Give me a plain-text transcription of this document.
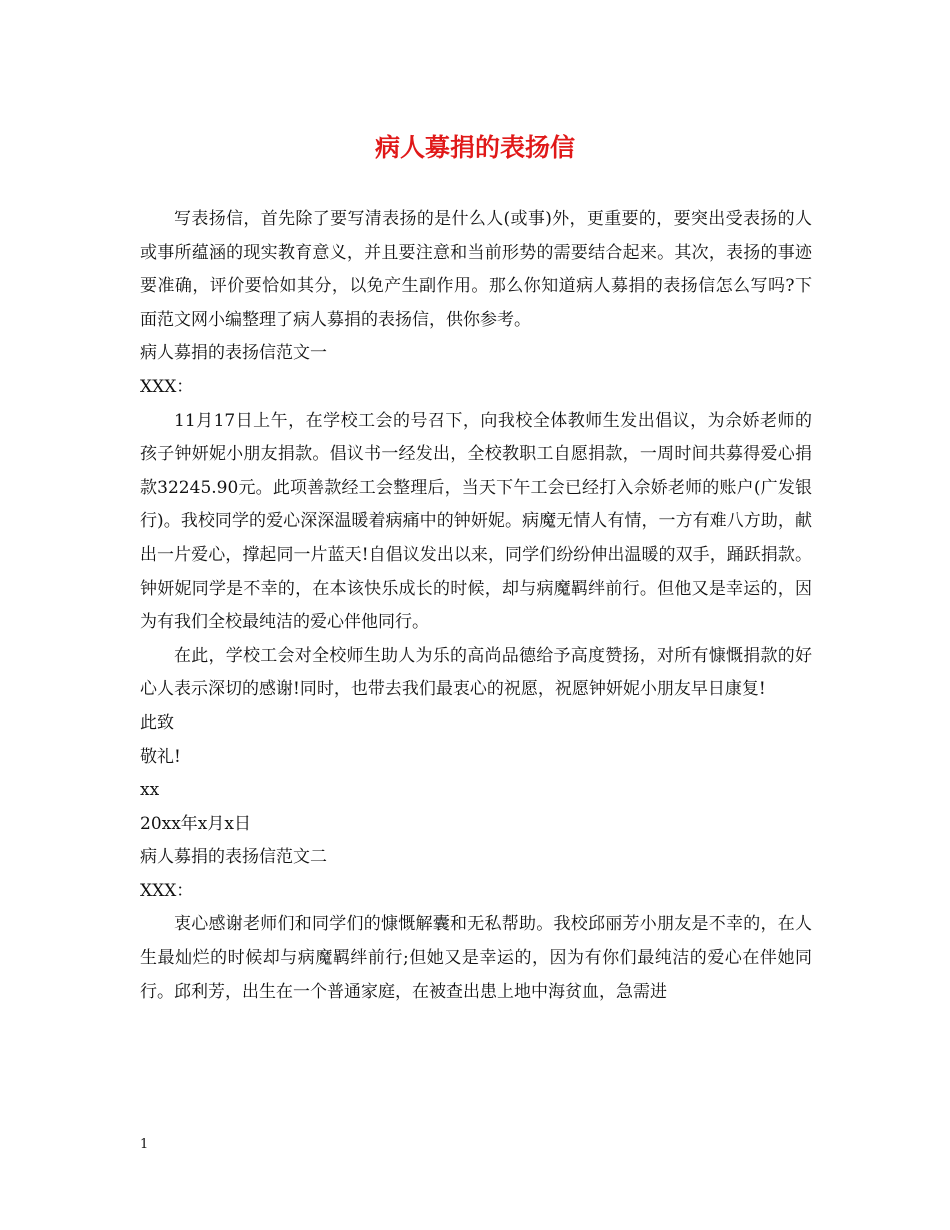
病人募捐的表扬信

写表扬信，首先除了要写清表扬的是什么人(或事)外，更重要的，要突出受表扬的人或事所蕴涵的现实教育意义，并且要注意和当前形势的需要结合起来。其次，表扬的事迹要准确，评价要恰如其分，以免产生副作用。那么你知道病人募捐的表扬信怎么写吗?下面范文网小编整理了病人募捐的表扬信，供你参考。

病人募捐的表扬信范文一

XXX：

11月17日上午，在学校工会的号召下，向我校全体教师生发出倡议，为佘娇老师的孩子钟妍妮小朋友捐款。倡议书一经发出，全校教职工自愿捐款，一周时间共募得爱心捐款32245.90元。此项善款经工会整理后，当天下午工会已经打入佘娇老师的账户(广发银行)。我校同学的爱心深深温暖着病痛中的钟妍妮。病魔无情人有情，一方有难八方助，献出一片爱心，撑起同一片蓝天!自倡议发出以来，同学们纷纷伸出温暖的双手，踊跃捐款。 钟妍妮同学是不幸的，在本该快乐成长的时候，却与病魔羁绊前行。但他又是幸运的，因为有我们全校最纯洁的爱心伴他同行。

在此，学校工会对全校师生助人为乐的高尚品德给予高度赞扬，对所有慷慨捐款的好心人表示深切的感谢!同时，也带去我们最衷心的祝愿，祝愿钟妍妮小朋友早日康复!

此致

敬礼!

xx

20xx年x月x日

病人募捐的表扬信范文二

XXX：

衷心感谢老师们和同学们的慷慨解囊和无私帮助。我校邱丽芳小朋友是不幸的，在人生最灿烂的时候却与病魔羁绊前行;但她又是幸运的，因为有你们最纯洁的爱心在伴她同行。邱利芳，出生在一个普通家庭，在被查出患上地中海贫血，急需进

1
